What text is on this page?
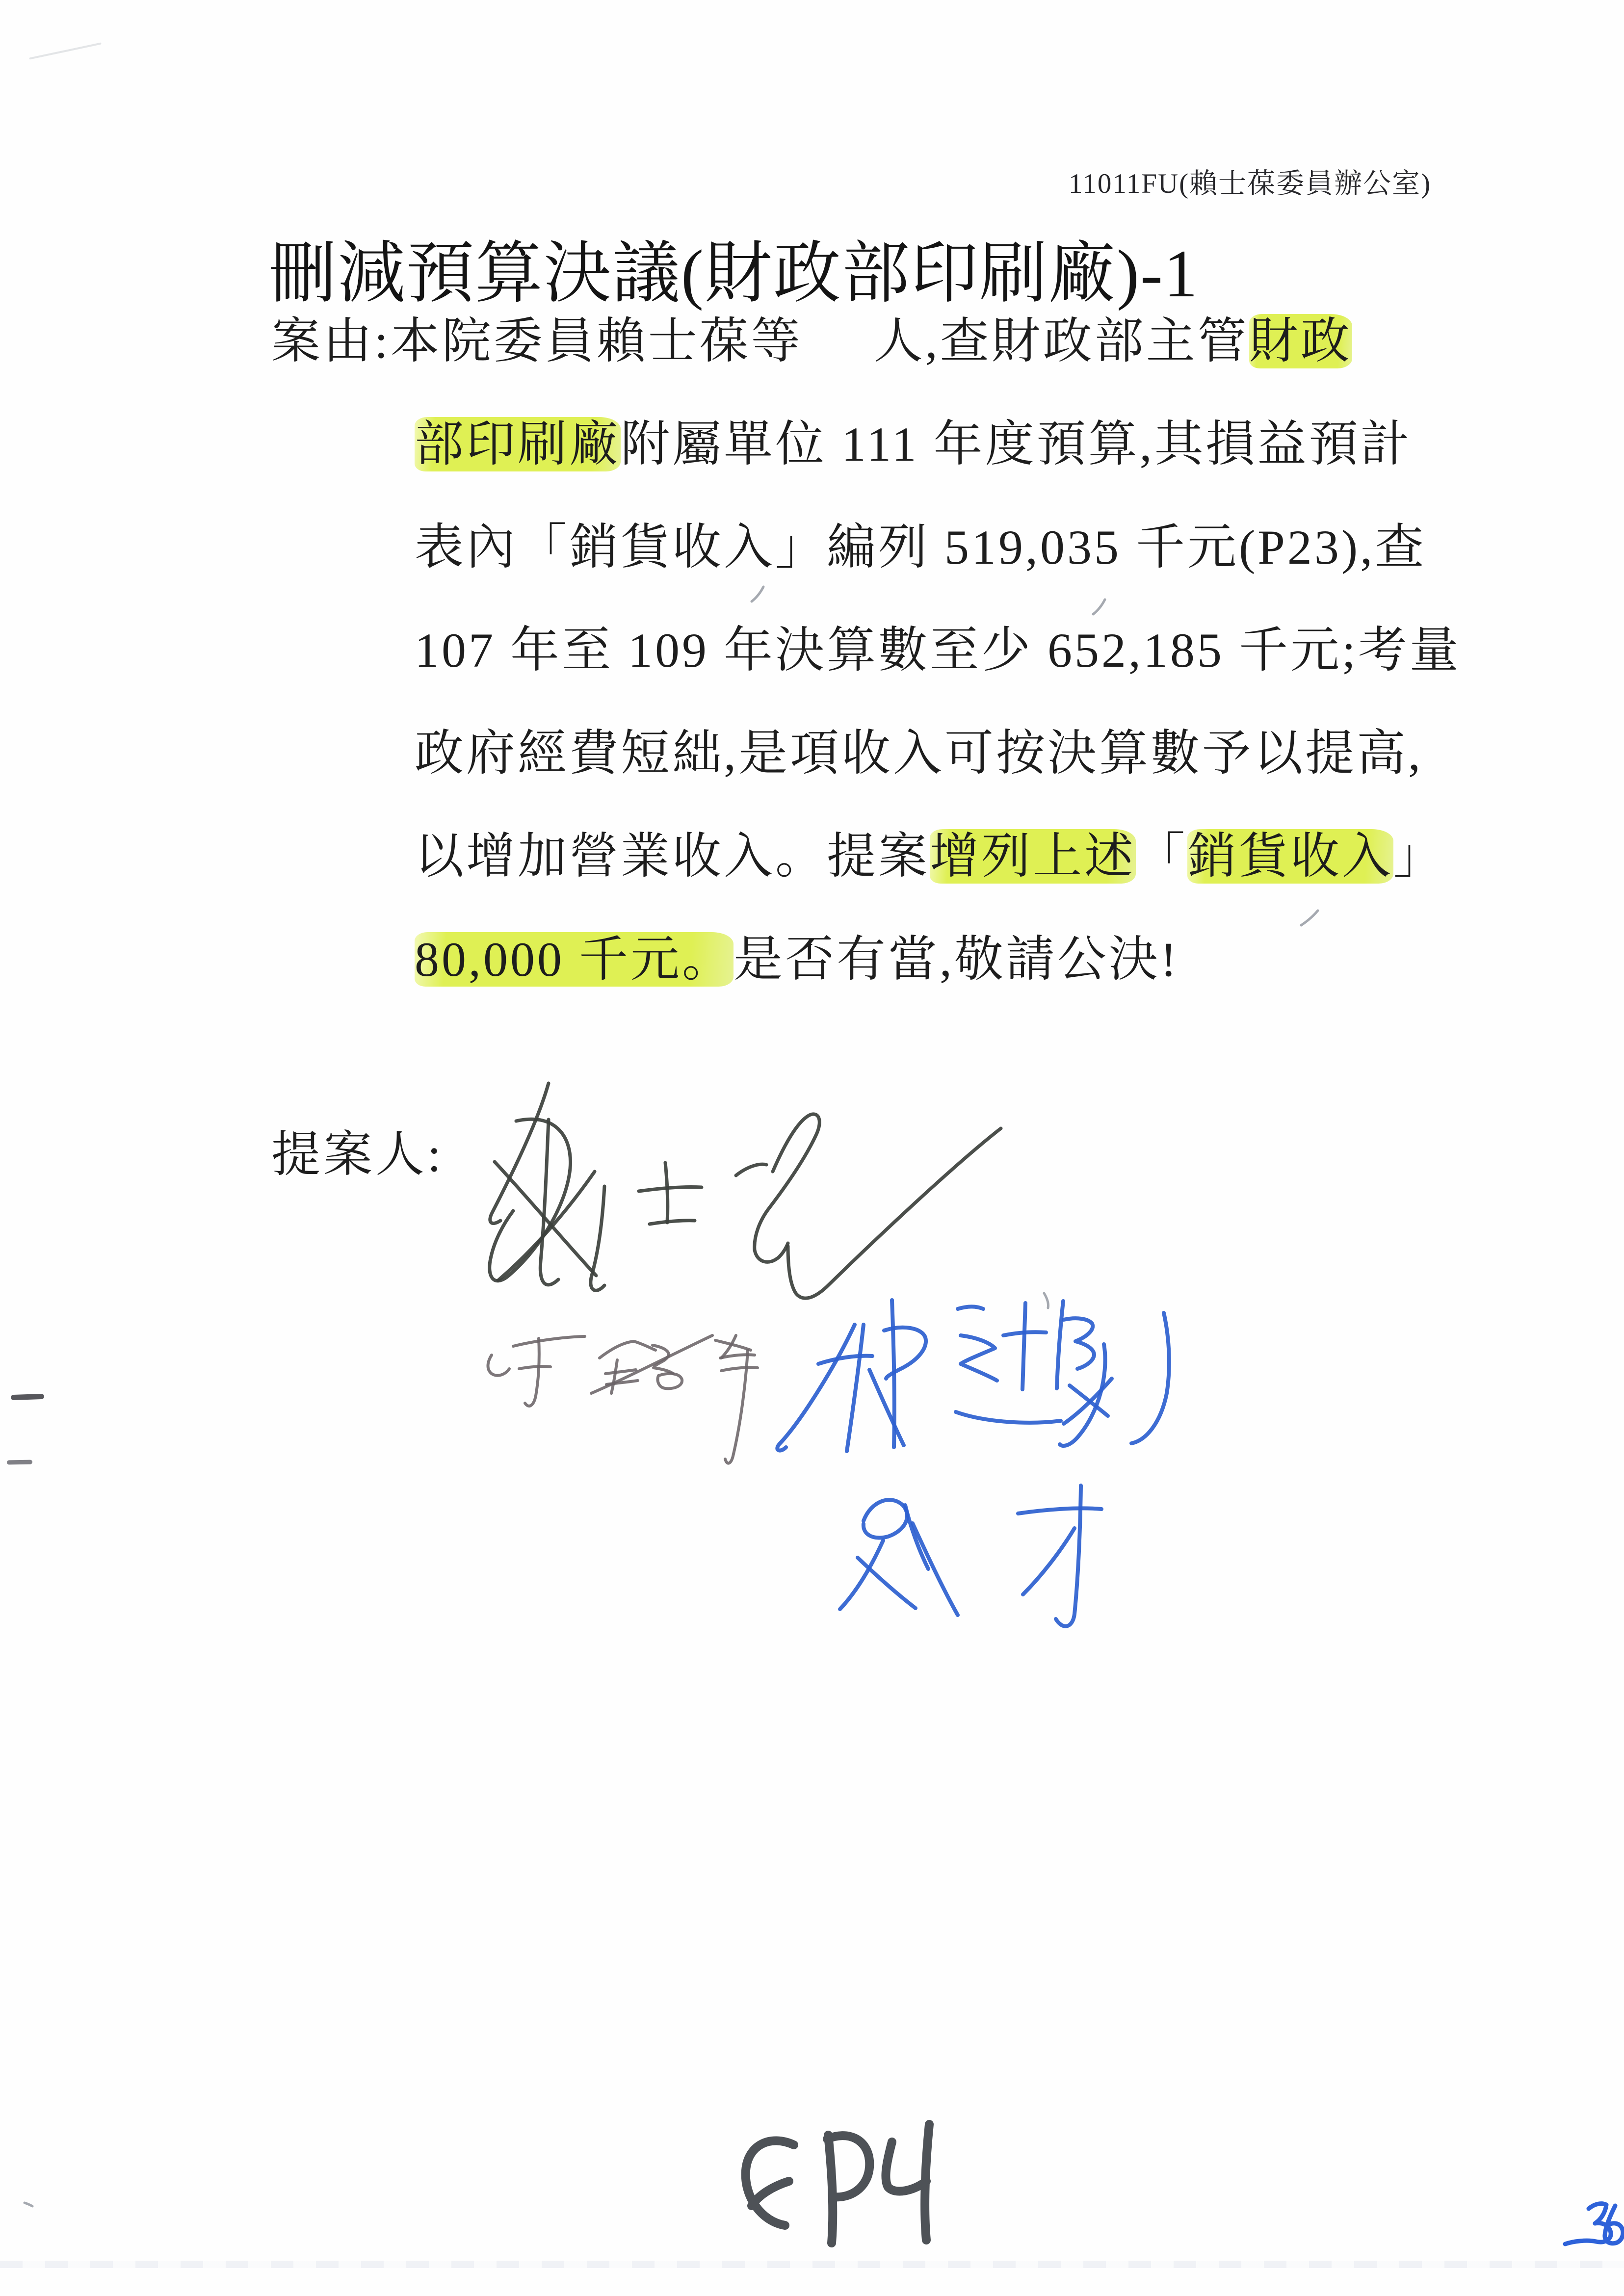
11011FU(賴士葆委員辦公室)
刪減預算決議(財政部印刷廠)-1
案由:本院委員賴士葆等 人,查財政部主管財政
部印刷廠附屬單位 111 年度預算,其損益預計
表內「銷貨收入」編列 519,035 千元(P23),查
107 年至 109 年決算數至少 652,185 千元;考量
政府經費短絀,是項收入可按決算數予以提高,
以增加營業收入。提案增列上述「銷貨收入」
80,000 千元。是否有當,敬請公決!
提案人:
